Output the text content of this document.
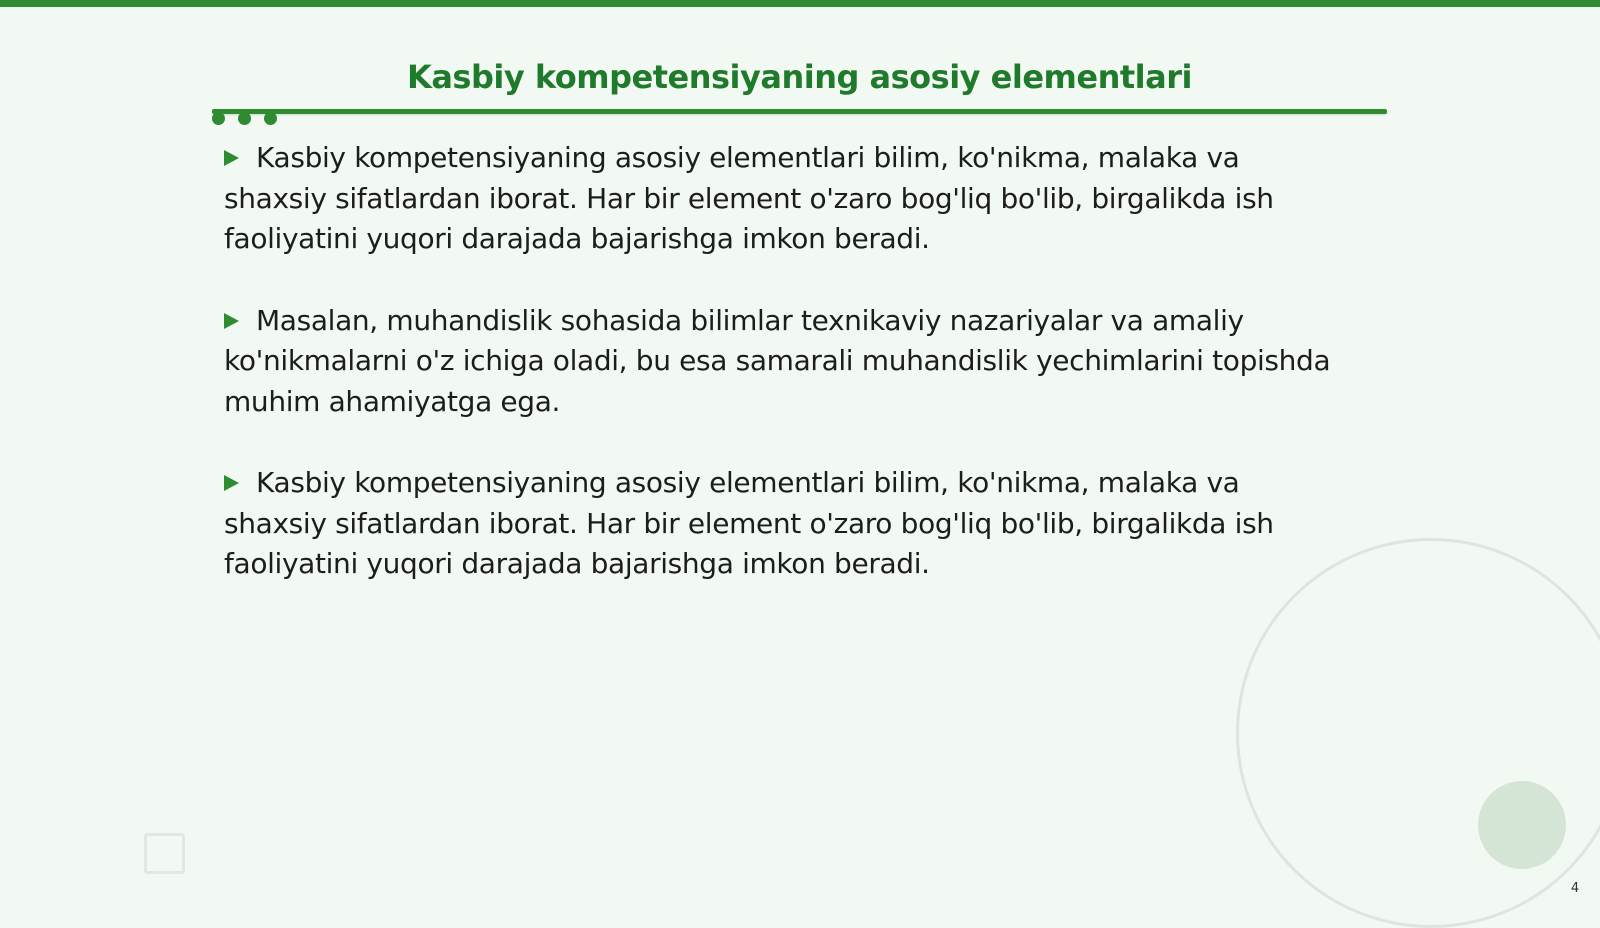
Kasbiy kompetensiyaning asosiy elementlari

Kasbiy kompetensiyaning asosiy elementlari bilim, ko'nikma, malaka va shaxsiy sifatlardan iborat. Har bir element o'zaro bog'liq bo'lib, birgalikda ish faoliyatini yuqori darajada bajarishga imkon beradi.

Masalan, muhandislik sohasida bilimlar texnikaviy nazariyalar va amaliy ko'nikmalarni o'z ichiga oladi, bu esa samarali muhandislik yechimlarini topishda muhim ahamiyatga ega.

Kasbiy kompetensiyaning asosiy elementlari bilim, ko'nikma, malaka va shaxsiy sifatlardan iborat. Har bir element o'zaro bog'liq bo'lib, birgalikda ish faoliyatini yuqori darajada bajarishga imkon beradi.

4
